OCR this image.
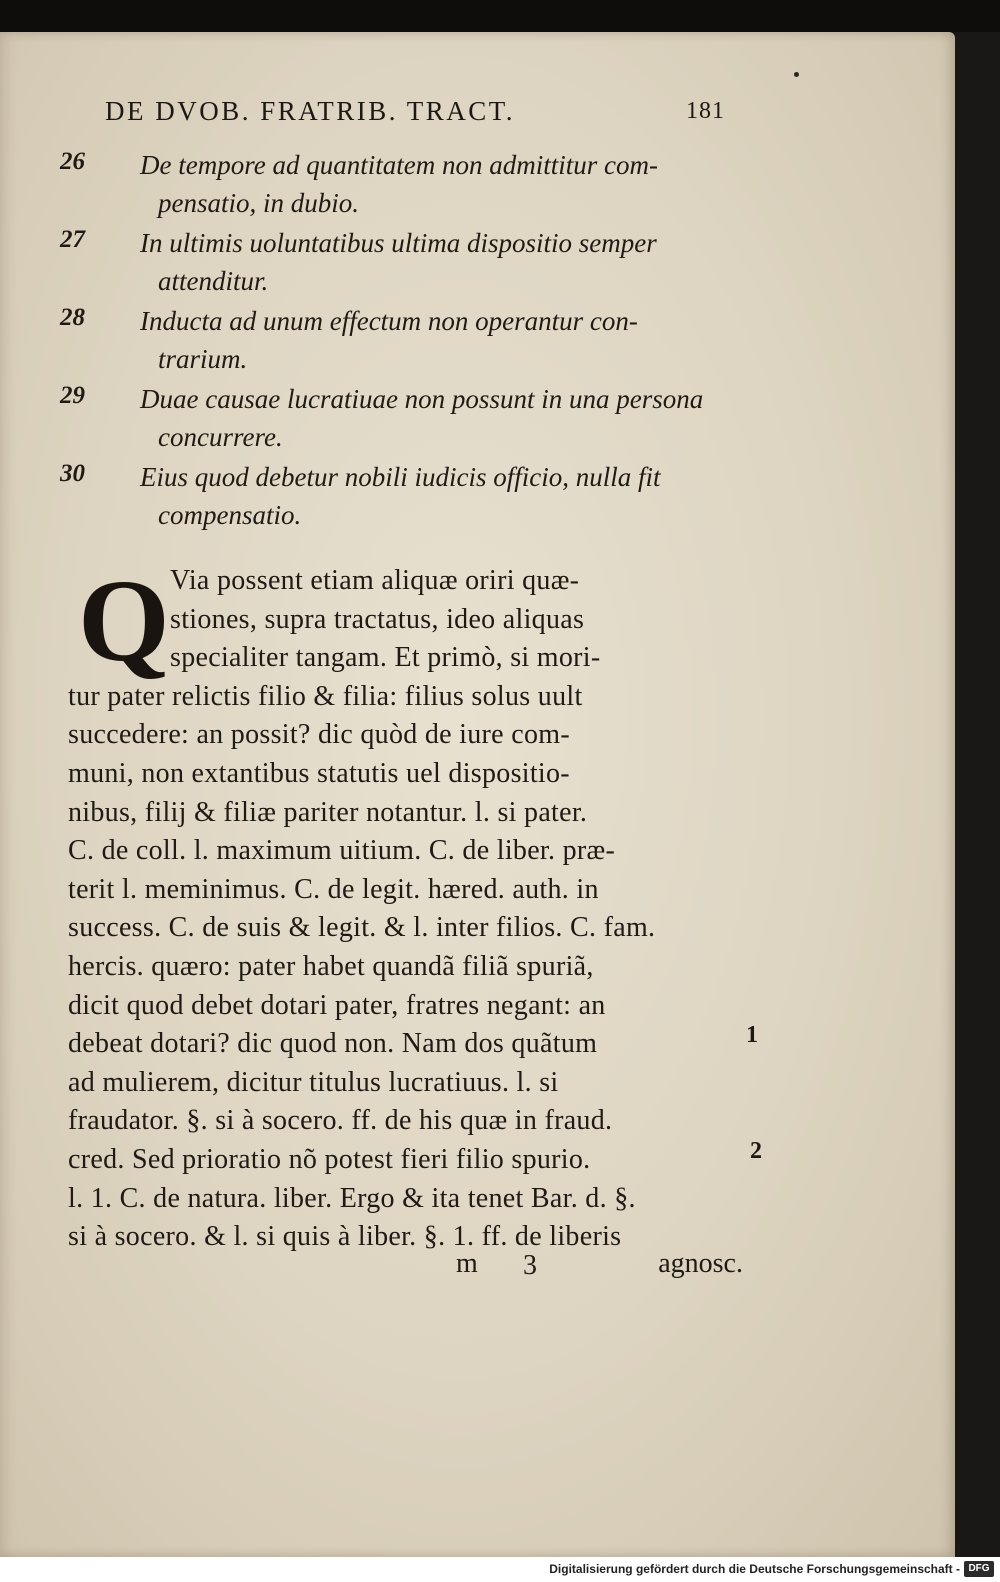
DE DVOB. FRATRIB. TRACT.	181
26 De tempore ad quantitatem non admittitur com-
pensatio, in dubio.
27 In ultimis uoluntatibus ultima dispositio semper
attenditur.
28 Inducta ad unum effectum non operantur con-
trarium.
29 Duae causae lucratiuae non possunt in una persona
concurrere.
30 Eius quod debetur nobili iudicis officio, nulla fit
compensatio.
Q Via possent etiam aliquæ oriri quæ-
stiones, supra tractatus, ideo aliquas
specialiter tangam. Et primò, si mori-
tur pater relictis filio & filia: filius solus uult
succedere: an possit? dic quòd de iure com-
muni, non extantibus statutis uel dispositio-
nibus, filij & filiæ pariter notantur. l. si pater.
C. de coll. l. maximum uitium. C. de liber. præ-
terit l. meminimus. C. de legit. hæred. auth. in
success. C. de suis & legit. & l. inter filios. C. fam.
hercis. quæro: pater habet quandã filiã spuriã,
dicit quod debet dotari pater, fratres negant: an
debeat dotari? dic quod non. Nam dos quãtum
ad mulierem, dicitur titulus lucratiuus. l. si
fraudator. §. si à socero. ff. de his quæ in fraud.
cred. Sed prioratio nõ potest fieri filio spurio.
l. 1. C. de natura. liber. Ergo & ita tenet Bar. d. §.
si à socero. & l. si quis à liber. §. 1. ff. de liberis
1
2
m 3	agnosc.
Digitalisierung gefördert durch die Deutsche Forschungsgemeinschaft - DFG
